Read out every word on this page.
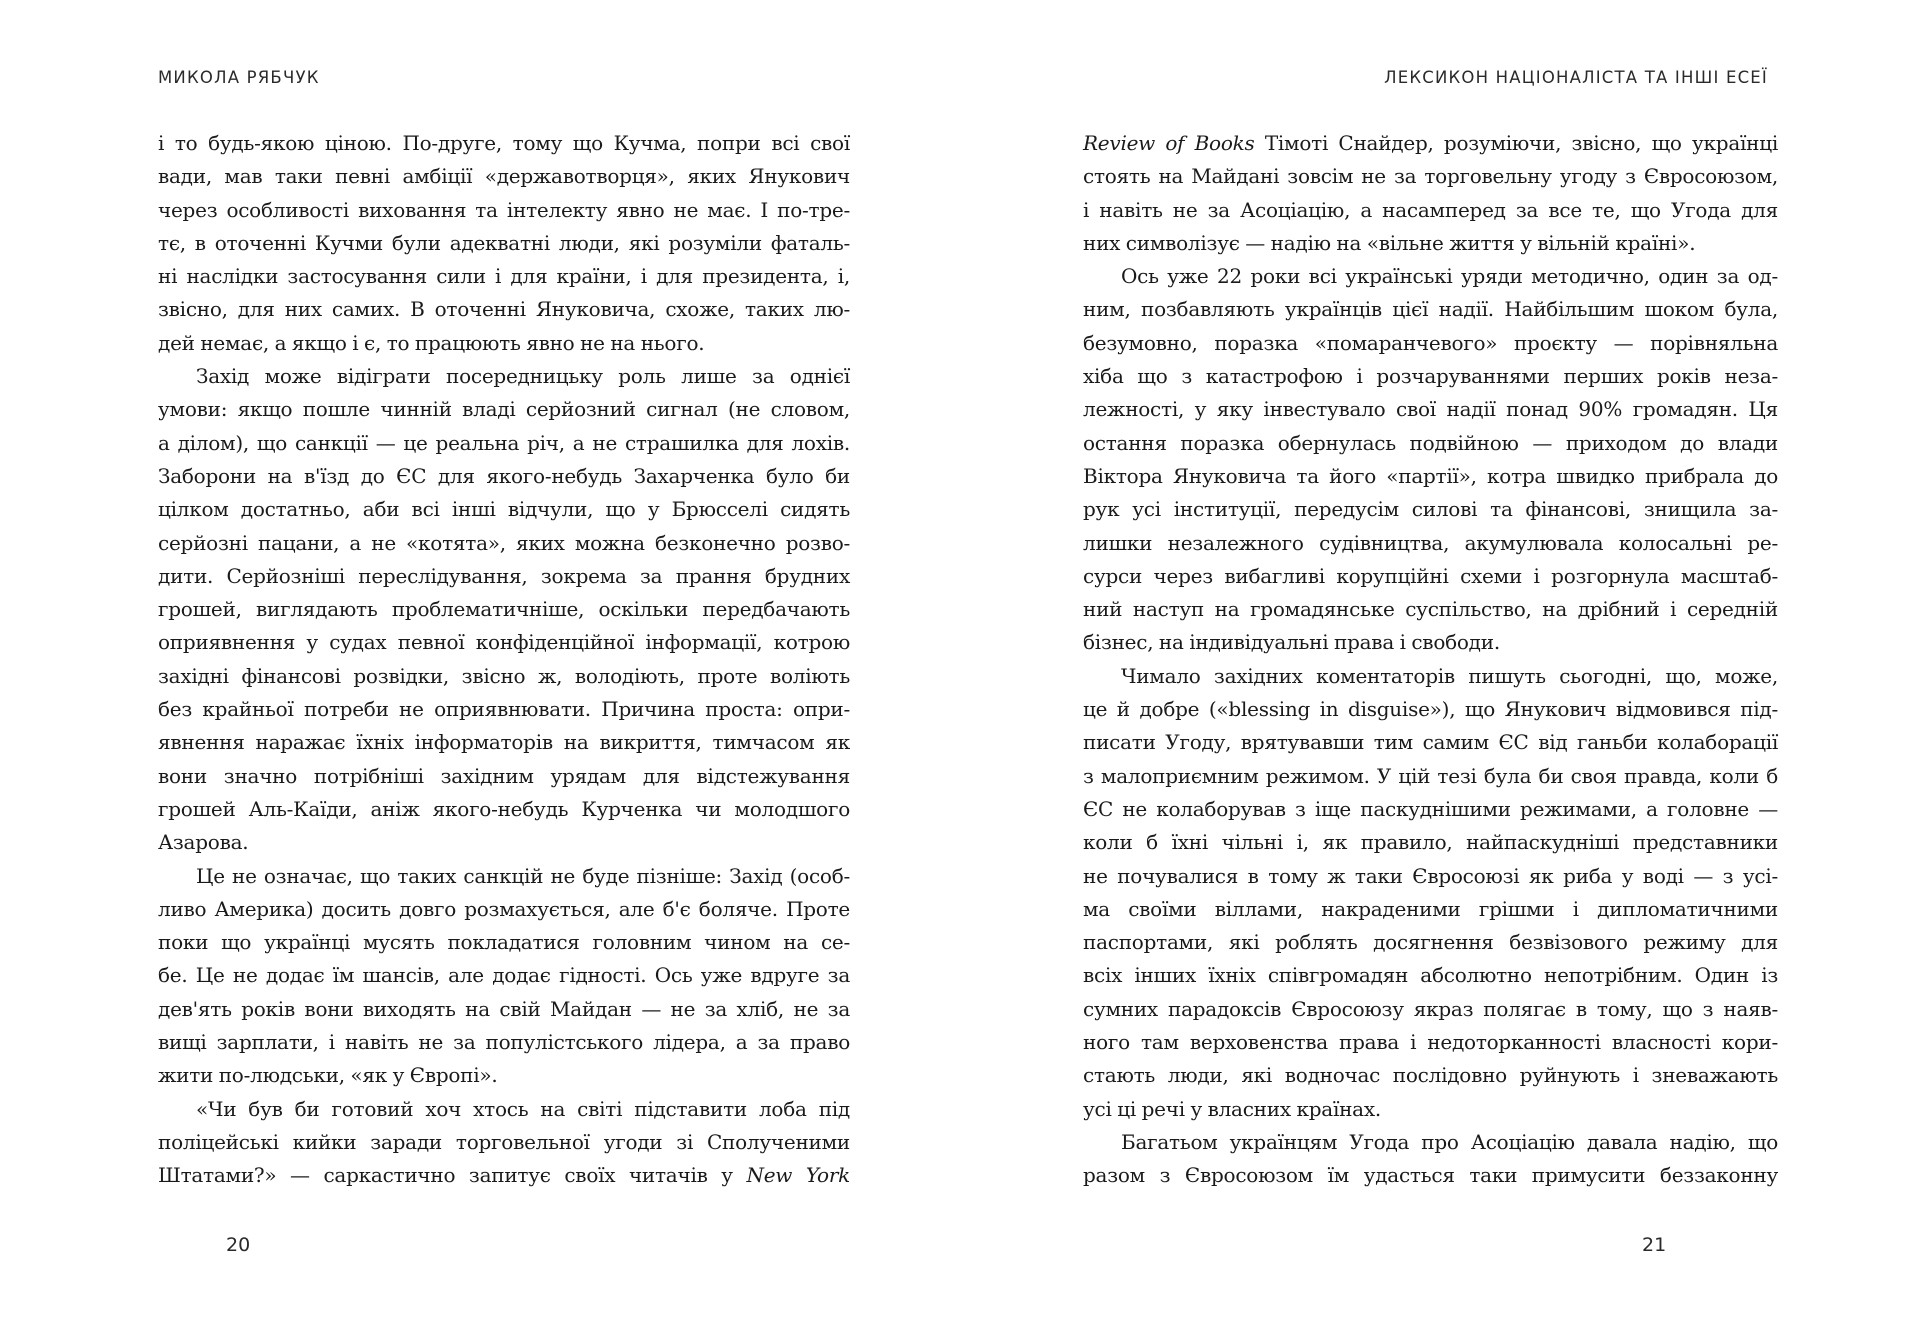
МИКОЛА РЯБЧУК
і то будь-якою ціною. По-друге, тому що Кучма, попри всі свої
вади, мав таки певні амбіції «державотворця», яких Янукович
через особливості виховання та інтелекту явно не має. І по-тре-
тє, в оточенні Кучми були адекватні люди, які розуміли фаталь-
ні наслідки застосування сили і для країни, і для президента, і,
звісно, для них самих. В оточенні Януковича, схоже, таких лю-
дей немає, а якщо і є, то працюють явно не на нього.
Захід може відіграти посередницьку роль лише за однієї
умови: якщо пошле чинній владі серйозний сигнал (не словом,
а ділом), що санкції — це реальна річ, а не страшилка для лохів.
Заборони на в'їзд до ЄС для якого-небудь Захарченка було би
цілком достатньо, аби всі інші відчули, що у Брюсселі сидять
серйозні пацани, а не «котята», яких можна безконечно розво-
дити. Серйозніші переслідування, зокрема за прання брудних
грошей, виглядають проблематичніше, оскільки передбачають
оприявнення у судах певної конфіденційної інформації, котрою
західні фінансові розвідки, звісно ж, володіють, проте воліють
без крайньої потреби не оприявнювати. Причина проста: опри-
явнення наражає їхніх інформаторів на викриття, тимчасом як
вони значно потрібніші західним урядам для відстежування
грошей Аль-Каїди, аніж якого-небудь Курченка чи молодшого
Азарова.
Це не означає, що таких санкцій не буде пізніше: Захід (особ-
ливо Америка) досить довго розмахується, але б'є боляче. Проте
поки що українці мусять покладатися головним чином на се-
бе. Це не додає їм шансів, але додає гідності. Ось уже вдруге за
дев'ять років вони виходять на свій Майдан — не за хліб, не за
вищі зарплати, і навіть не за популістського лідера, а за право
жити по-людськи, «як у Європі».
«Чи був би готовий хоч хтось на світі підставити лоба під
поліцейські кийки заради торговельної угоди зі Сполученими
Штатами?» — саркастично запитує своїх читачів у New York
20
ЛЕКСИКОН НАЦІОНАЛІСТА ТА ІНШІ ЕСЕЇ
Review of Books Тімоті Снайдер, розуміючи, звісно, що українці
стоять на Майдані зовсім не за торговельну угоду з Євросоюзом,
і навіть не за Асоціацію, а насамперед за все те, що Угода для
них символізує — надію на «вільне життя у вільній країні».
Ось уже 22 роки всі українські уряди методично, один за од-
ним, позбавляють українців цієї надії. Найбільшим шоком була,
безумовно, поразка «помаранчевого» проєкту — порівняльна
хіба що з катастрофою і розчаруваннями перших років неза-
лежності, у яку інвестувало свої надії понад 90% громадян. Ця
остання поразка обернулась подвійною — приходом до влади
Віктора Януковича та його «партії», котра швидко прибрала до
рук усі інституції, передусім силові та фінансові, знищила за-
лишки незалежного судівництва, акумулювала колосальні ре-
сурси через вибагливі корупційні схеми і розгорнула масштаб-
ний наступ на громадянське суспільство, на дрібний і середній
бізнес, на індивідуальні права і свободи.
Чимало західних коментаторів пишуть сьогодні, що, може,
це й добре («blessing in disguise»), що Янукович відмовився під-
писати Угоду, врятувавши тим самим ЄС від ганьби колаборації
з малоприємним режимом. У цій тезі була би своя правда, коли б
ЄС не колаборував з іще паскуднішими режимами, а головне —
коли б їхні чільні і, як правило, найпаскудніші представники
не почувалися в тому ж таки Євросоюзі як риба у воді — з усі-
ма своїми віллами, накраденими грішми і дипломатичними
паспортами, які роблять досягнення безвізового режиму для
всіх інших їхніх співгромадян абсолютно непотрібним. Один із
сумних парадоксів Євросоюзу якраз полягає в тому, що з наяв-
ного там верховенства права і недоторканності власності кори-
стають люди, які водночас послідовно руйнують і зневажають
усі ці речі у власних країнах.
Багатьом українцям Угода про Асоціацію давала надію, що
разом з Євросоюзом їм удасться таки примусити беззаконну
21
